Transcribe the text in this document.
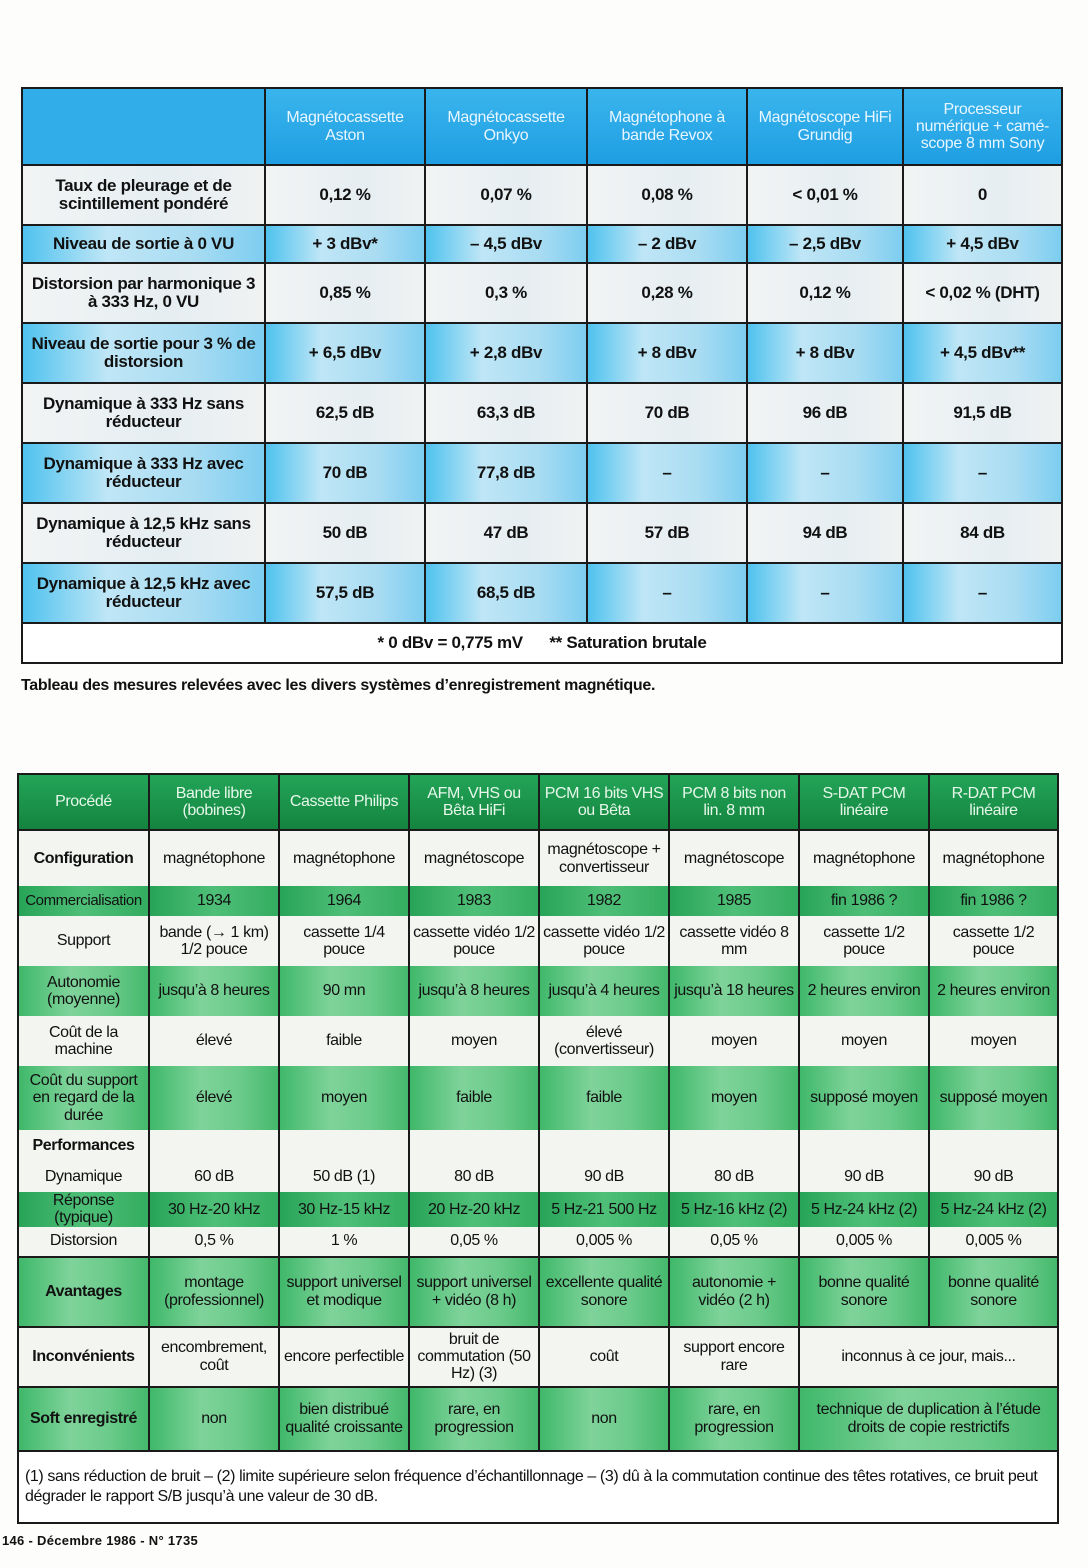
	Magnétocassette Aston	Magnétocassette Onkyo	Magnétophone à bande Revox	Magnétoscope HiFi Grundig	Processeur numérique + camé- scope 8 mm Sony
Taux de pleurage et de scintillement pondéré	0,12 %	0,07 %	0,08 %	< 0,01 %	0
Niveau de sortie à 0 VU	+ 3 dBv*	– 4,5 dBv	– 2 dBv	– 2,5 dBv	+ 4,5 dBv
Distorsion par harmonique 3 à 333 Hz, 0 VU	0,85 %	0,3 %	0,28 %	0,12 %	< 0,02 % (DHT)
Niveau de sortie pour 3 % de distorsion	+ 6,5 dBv	+ 2,8 dBv	+ 8 dBv	+ 8 dBv	+ 4,5 dBv**
Dynamique à 333 Hz sans réducteur	62,5 dB	63,3 dB	70 dB	96 dB	91,5 dB
Dynamique à 333 Hz avec réducteur	70 dB	77,8 dB	–	–	–
Dynamique à 12,5 kHz sans réducteur	50 dB	47 dB	57 dB	94 dB	84 dB
Dynamique à 12,5 kHz avec réducteur	57,5 dB	68,5 dB	–	–	–
* 0 dBv = 0,775 mV      ** Saturation brutale					
Tableau des mesures relevées avec les divers systèmes d’enregistrement magnétique.
Procédé	Bande libre (bobines)	Cassette Philips	AFM, VHS ou Bêta HiFi	PCM 16 bits VHS ou Bêta	PCM 8 bits non lin. 8 mm	S-DAT PCM linéaire	R-DAT PCM linéaire
Configuration	magnétophone	magnétophone	magnétoscope	magnétoscope + convertisseur	magnétoscope	magnétophone	magnétophone
Commercialisation	1934	1964	1983	1982	1985	fin 1986 ?	fin 1986 ?
Support	bande (→ 1 km) 1/2 pouce	cassette 1/4 pouce	cassette vidéo 1/2 pouce	cassette vidéo 1/2 pouce	cassette vidéo 8 mm	cassette 1/2 pouce	cassette 1/2 pouce
Autonomie (moyenne)	jusqu’à 8 heures	90 mn	jusqu’à 8 heures	jusqu’à 4 heures	jusqu’à 18 heures	2 heures environ	2 heures environ
Coût de la machine	élevé	faible	moyen	élevé (convertisseur)	moyen	moyen	moyen
Coût du support en regard de la durée	élevé	moyen	faible	faible	moyen	supposé moyen	supposé moyen
Performances							
Dynamique	60 dB	50 dB (1)	80 dB	90 dB	80 dB	90 dB	90 dB
Réponse (typique)	30 Hz-20 kHz	30 Hz-15 kHz	20 Hz-20 kHz	5 Hz-21 500 Hz	5 Hz-16 kHz (2)	5 Hz-24 kHz (2)	5 Hz-24 kHz (2)
Distorsion	0,5 %	1 %	0,05 %	0,005 %	0,05 %	0,005 %	0,005 %
Avantages	montage (professionnel)	support universel et modique	support universel + vidéo (8 h)	excellente qualité sonore	autonomie + vidéo (2 h)	bonne qualité sonore	bonne qualité sonore
Inconvénients	encombrement, coût	encore perfectible	bruit de commutation (50 Hz) (3)	coût	support encore rare	inconnus à ce jour, mais...	
Soft enregistré	non	bien distribué qualité croissante	rare, en progression	non	rare, en progression	technique de duplication à l’étude droits de copie restrictifs	
(1) sans réduction de bruit – (2) limite supérieure selon fréquence d’échantillonnage – (3) dû à la commutation continue des têtes rotatives, ce bruit peut dégrader le rapport S/B jusqu’à une valeur de 30 dB.							
146 - Décembre 1986 - N° 1735
